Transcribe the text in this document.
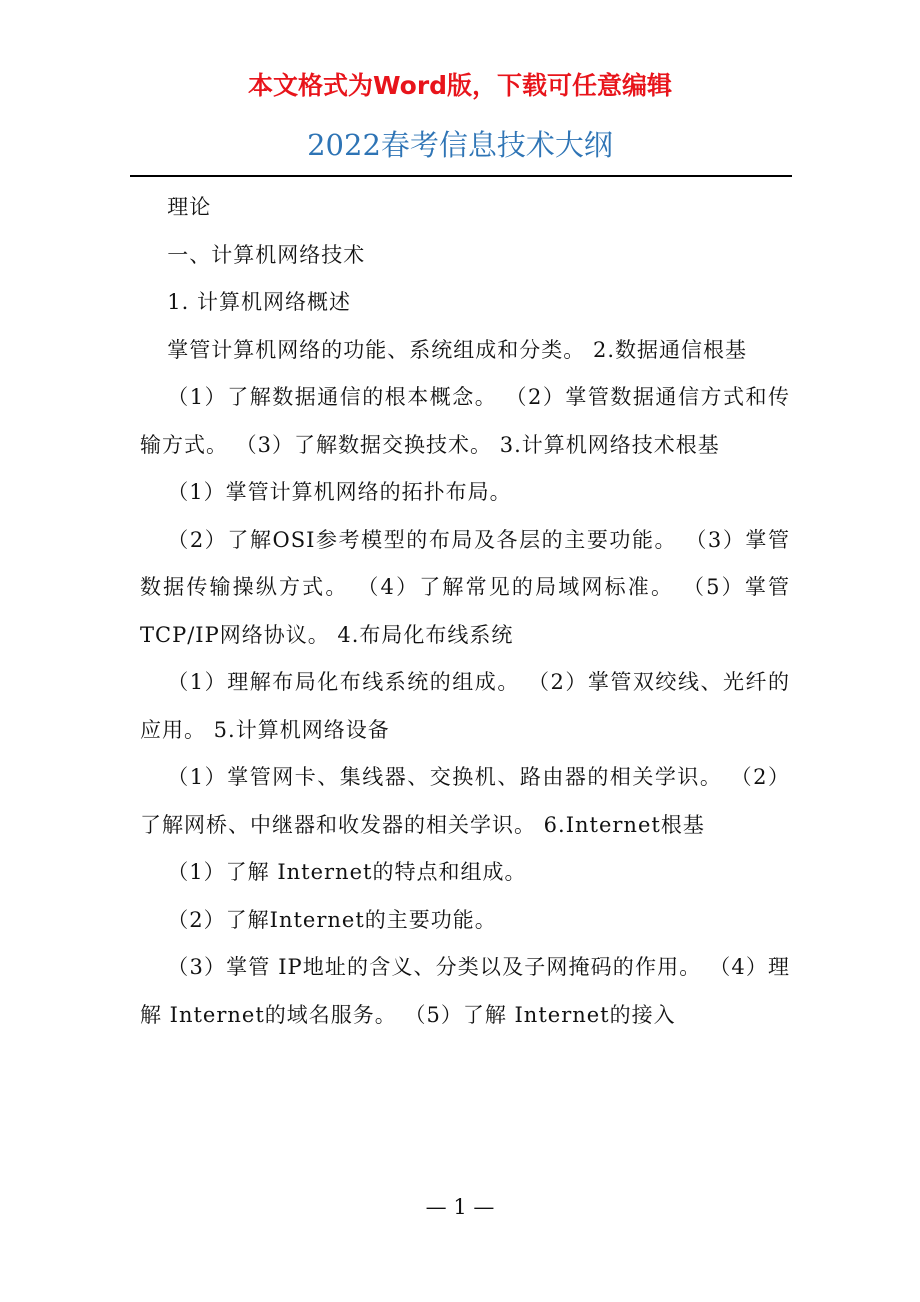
本文格式为Word版，下载可任意编辑
2022春考信息技术大纲

理论

一、计算机网络技术

1. 计算机网络概述

掌管计算机网络的功能、系统组成和分类。 2.数据通信根基

（1）了解数据通信的根本概念。 （2）掌管数据通信方式和传输方式。 （3）了解数据交换技术。 3.计算机网络技术根基

（1）掌管计算机网络的拓扑布局。

（2）了解OSI参考模型的布局及各层的主要功能。 （3）掌管数据传输操纵方式。 （4）了解常见的局域网标准。 （5）掌管 TCP/IP网络协议。 4.布局化布线系统

（1）理解布局化布线系统的组成。 （2）掌管双绞线、光纤的应用。 5.计算机网络设备

（1）掌管网卡、集线器、交换机、路由器的相关学识。 （2）了解网桥、中继器和收发器的相关学识。 6.Internet根基

（1）了解 Internet的特点和组成。

（2）了解Internet的主要功能。

（3）掌管 IP地址的含义、分类以及子网掩码的作用。 （4）理解 Internet的域名服务。 （5）了解 Internet的接入

— 1 —
